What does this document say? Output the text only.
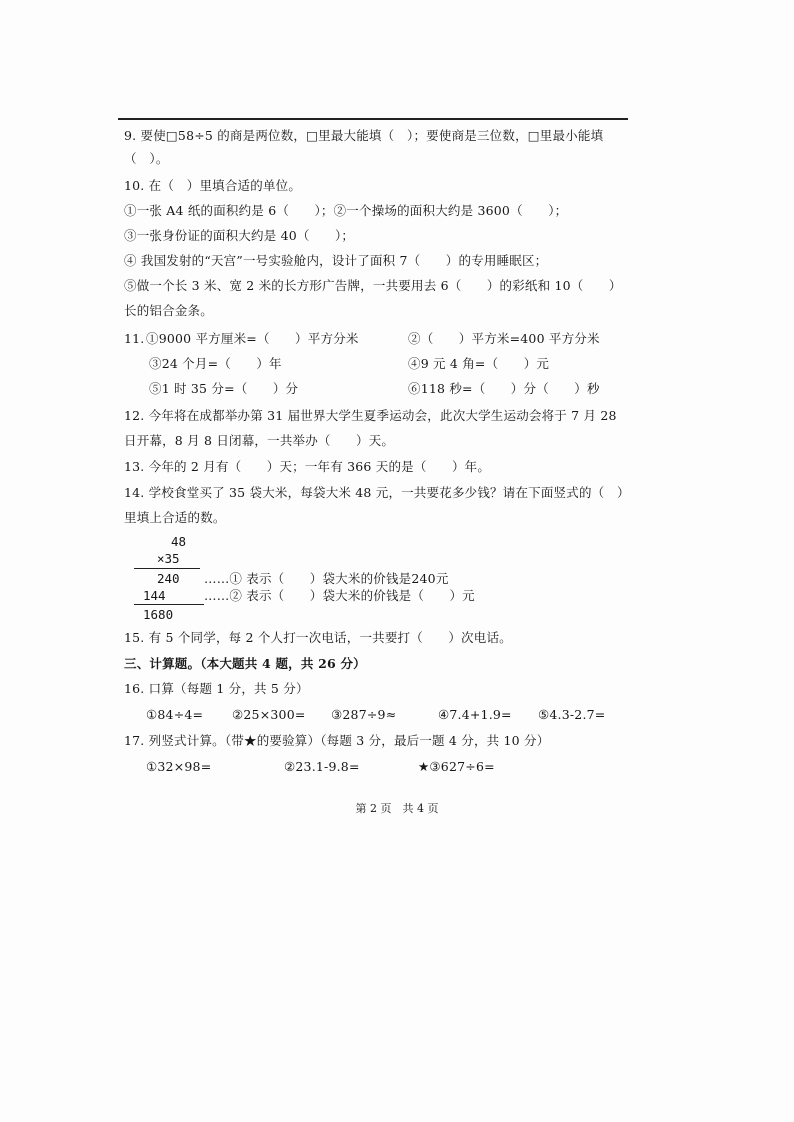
9. 要使□58÷5 的商是两位数，□里最大能填（　）；要使商是三位数，□里最小能填
（　）。
10. 在（　）里填合适的单位。
①一张 A4 纸的面积约是 6（　　）；②一个操场的面积大约是 3600（　　）；
③一张身份证的面积大约是 40（　　）；
④ 我国发射的“天宫”一号实验舱内，设计了面积 7（　　）的专用睡眠区；
⑤做一个长 3 米、宽 2 米的长方形广告牌，一共要用去 6（　　）的彩纸和 10（　　）
长的铝合金条。
11. ①9000 平方厘米=（　　）平方分米	②（　　）平方米=400 平方分米
③24 个月=（　　）年	④9 元 4 角=（　　）元
⑤1 时 35 分=（　　）分	⑥118 秒=（　　）分（　　）秒
12. 今年将在成都举办第 31 届世界大学生夏季运动会，此次大学生运动会将于 7 月 28
日开幕，8 月 8 日闭幕，一共举办（　　）天。
13. 今年的 2 月有（　　）天；一年有 366 天的是（　　）年。
14. 学校食堂买了 35 袋大米，每袋大米 48 元，一共要花多少钱？请在下面竖式的（　）
里填上合适的数。
48
×35
240
144
1680
……① 表示（　　）袋大米的价钱是240元
……② 表示（　　）袋大米的价钱是（　　）元
15. 有 5 个同学，每 2 个人打一次电话，一共要打（　　）次电话。
三、计算题。（本大题共 4 题，共 26 分）
16. 口算（每题 1 分，共 5 分）
①84÷4= ②25×300= ③287÷9≈	④7.4+1.9= ⑤4.3-2.7=
17. 列竖式计算。（带★的要验算）（每题 3 分，最后一题 4 分，共 10 分）
①32×98=	②23.1-9.8=	★③627÷6=
第 2 页　共 4 页
